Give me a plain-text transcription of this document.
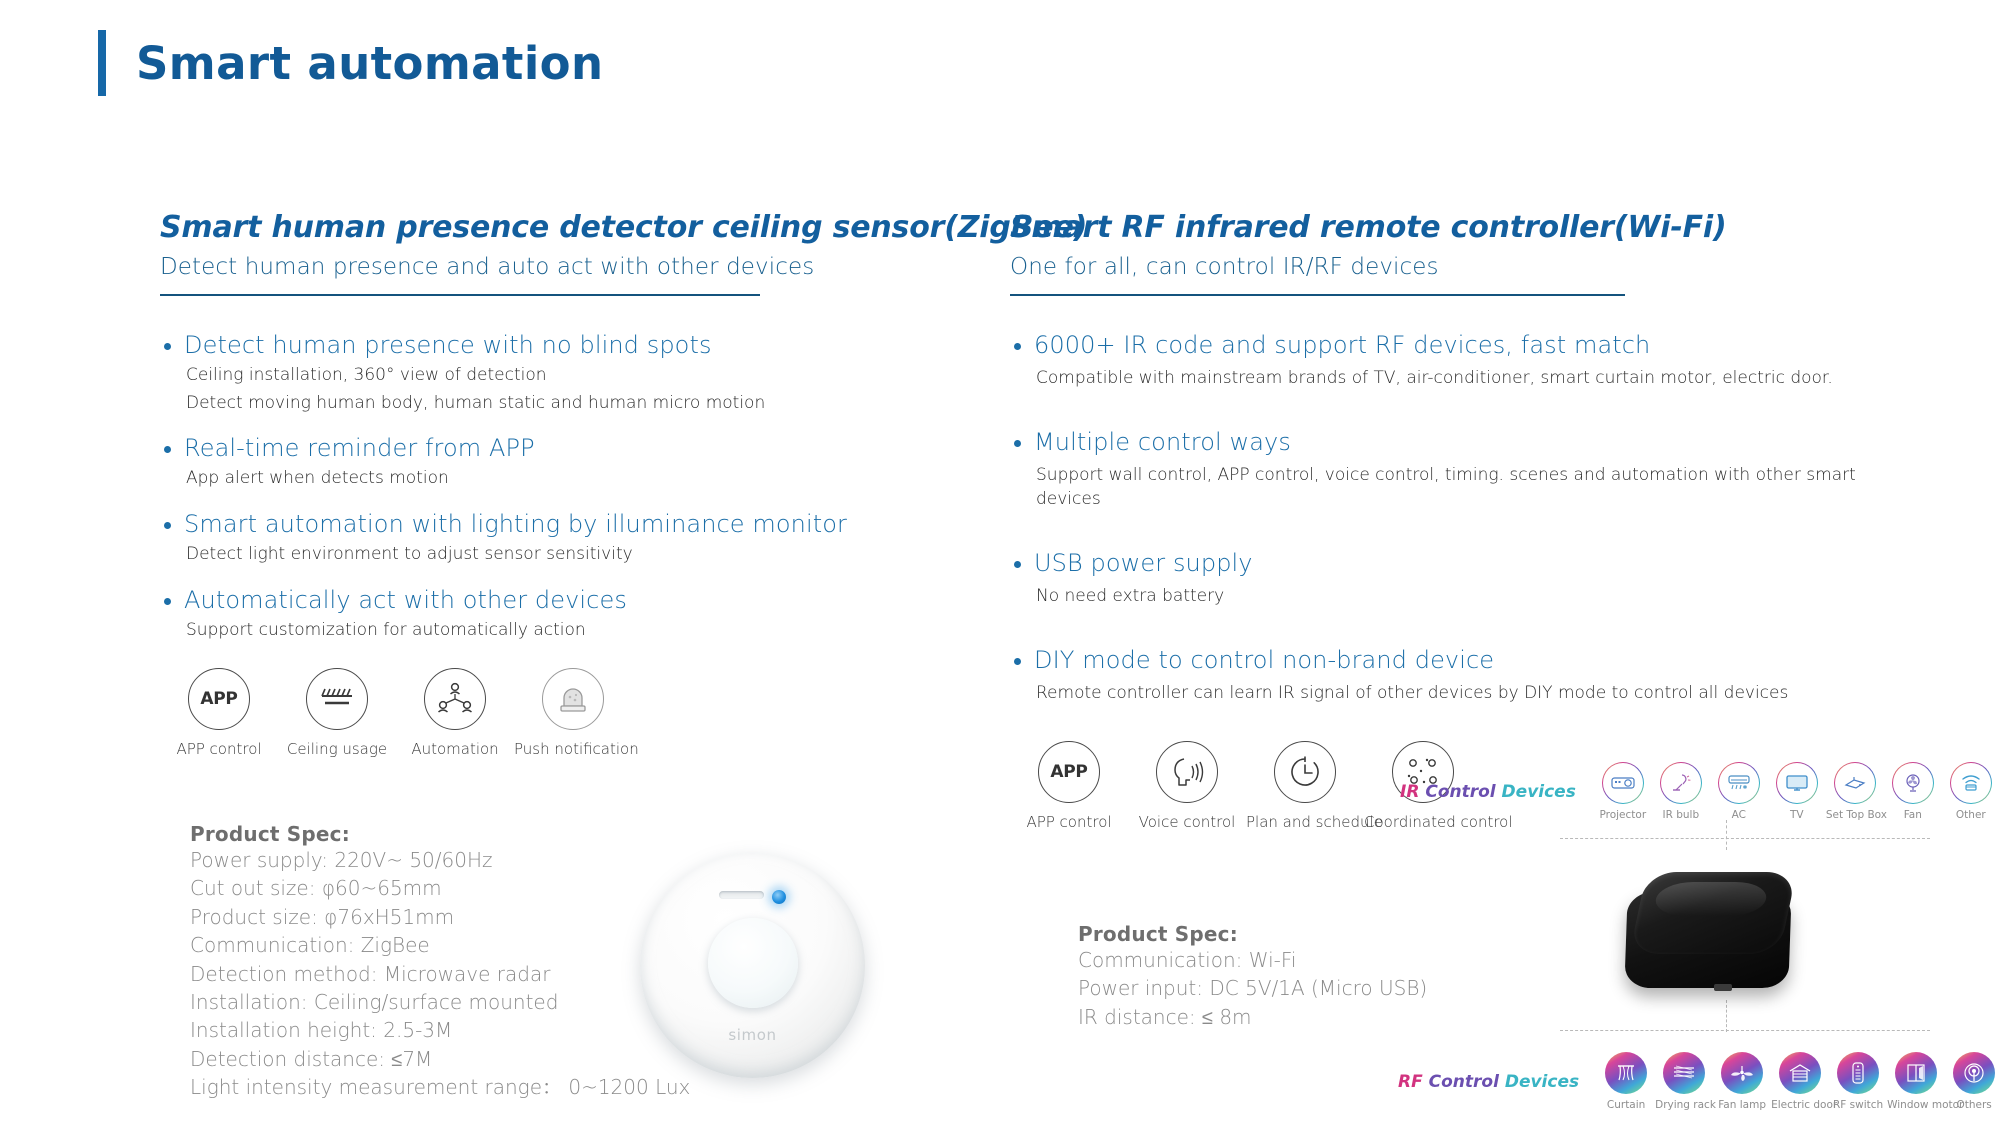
Smart automation
Smart human presence detector ceiling sensor(ZigBee)
Detect human presence and auto act with other devices
Detect human presence with no blind spots
Ceiling installation, 360° view of detection
Detect moving human body, human static and human micro motion
Real-time reminder from APP
App alert when detects motion
Smart automation with lighting by illuminance monitor
Detect light environment to adjust sensor sensitivity
Automatically act with other devices
Support customization for automatically action
APP
APP control	Ceiling usage	Automation	Push notification
Product Spec:
Power supply: 220V~ 50/60Hz
Cut out size: φ60~65mm
Product size: φ76xH51mm
Communication: ZigBee
Detection method: Microwave radar
Installation: Ceiling/surface mounted
Installation height: 2.5-3M
Detection distance: ≤7M
Light intensity measurement range： 0~1200 Lux
simon
Smart RF infrared remote controller(Wi-Fi)
One for all, can control IR/RF devices
6000+ IR code and support RF devices, fast match
Compatible with mainstream brands of TV, air-conditioner, smart curtain motor, electric door.
Multiple control ways
Support wall control, APP control, voice control, timing. scenes and automation with other smart devices
USB power supply
No need extra battery
DIY mode to control non-brand device
Remote controller can learn IR signal of other devices by DIY mode to control all devices
APP
APP control	Voice control Plan and schedule
Coordinated control
Product Spec:
Communication: Wi-Fi
Power input: DC 5V/1A (Micro USB)
IR distance: ≤ 8m
IR Control Devices
Projector	IR bulb	AC	TV	Set Top Box	Fan	Other
RF Control Devices
Curtain Drying rack Fan lamp Electric door
RF switch Window motor
Others
